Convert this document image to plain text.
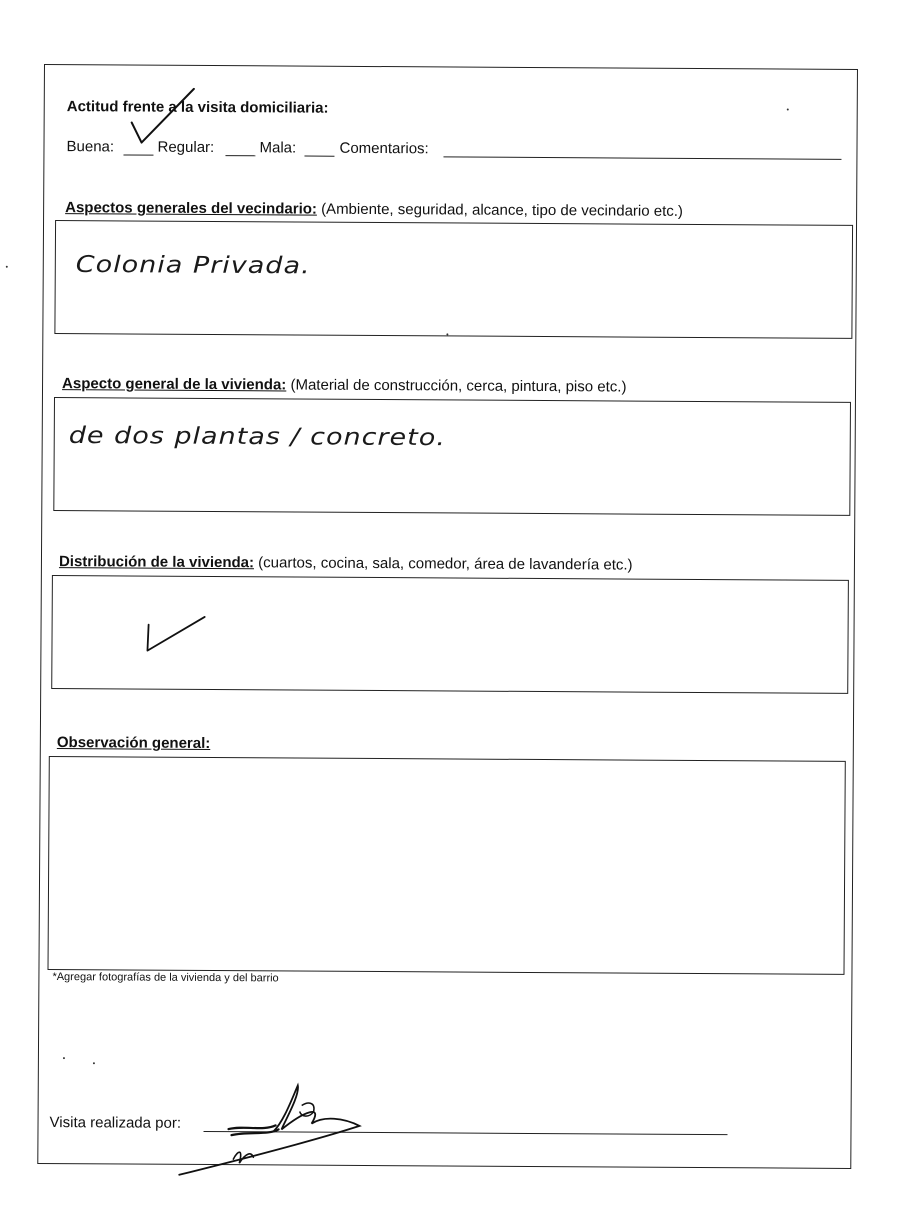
Actitud frente a la visita domiciliaria:
Buena:	Regular:	Mala:	Comentarios:
Aspectos generales del vecindario: (Ambiente, seguridad, alcance, tipo de vecindario etc.)
Colonia Privada.
Aspecto general de la vivienda: (Material de construcción, cerca, pintura, piso etc.)
de dos plantas / concreto.
Distribución de la vivienda: (cuartos, cocina, sala, comedor, área de lavandería etc.)
Observación general:
*Agregar fotografías de la vivienda y del barrio
Visita realizada por:
